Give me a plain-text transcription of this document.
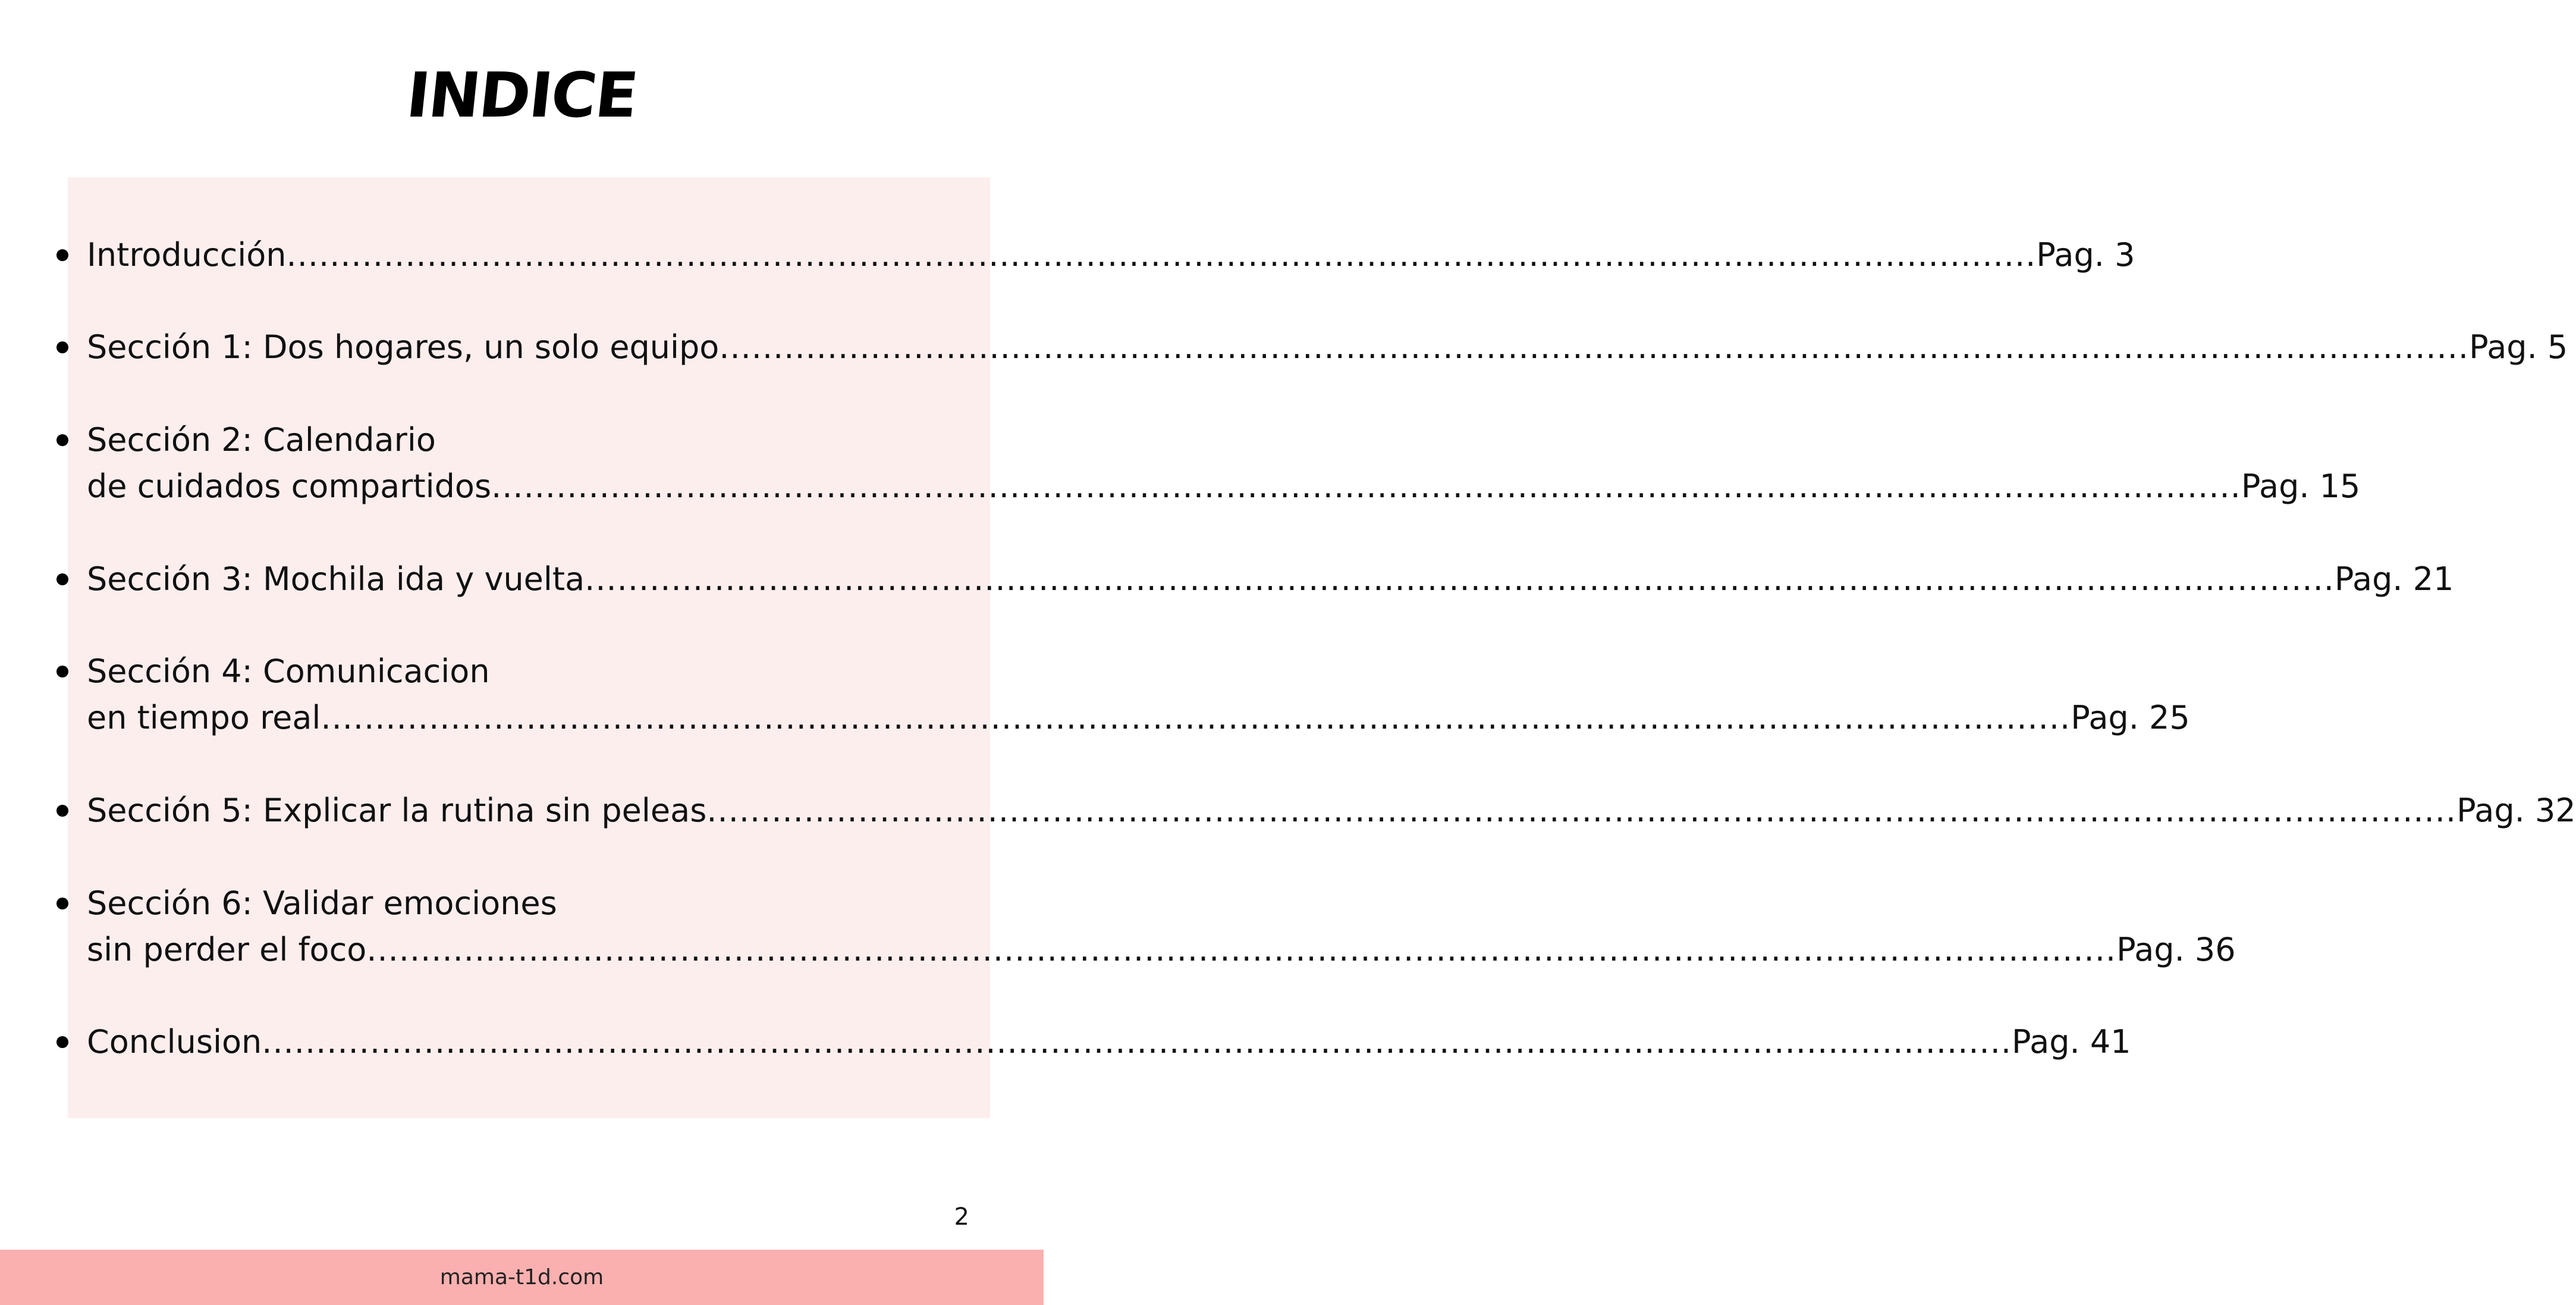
INDICE
Introducción .................................................................................................................................................................. Pag. 3
Sección 1: Dos hogares, un solo equipo .................................................................................................................................................................. Pag. 5
Sección 2: Calendario
de cuidados compartidos .................................................................................................................................................................. Pag. 15
Sección 3: Mochila ida y vuelta .................................................................................................................................................................. Pag. 21
Sección 4: Comunicacion
en tiempo real .................................................................................................................................................................. Pag. 25
Sección 5: Explicar la rutina sin peleas .................................................................................................................................................................. Pag. 32
Sección 6: Validar emociones
sin perder el foco .................................................................................................................................................................. Pag. 36
Conclusion .................................................................................................................................................................. Pag. 41
2
mama-t1d.com
